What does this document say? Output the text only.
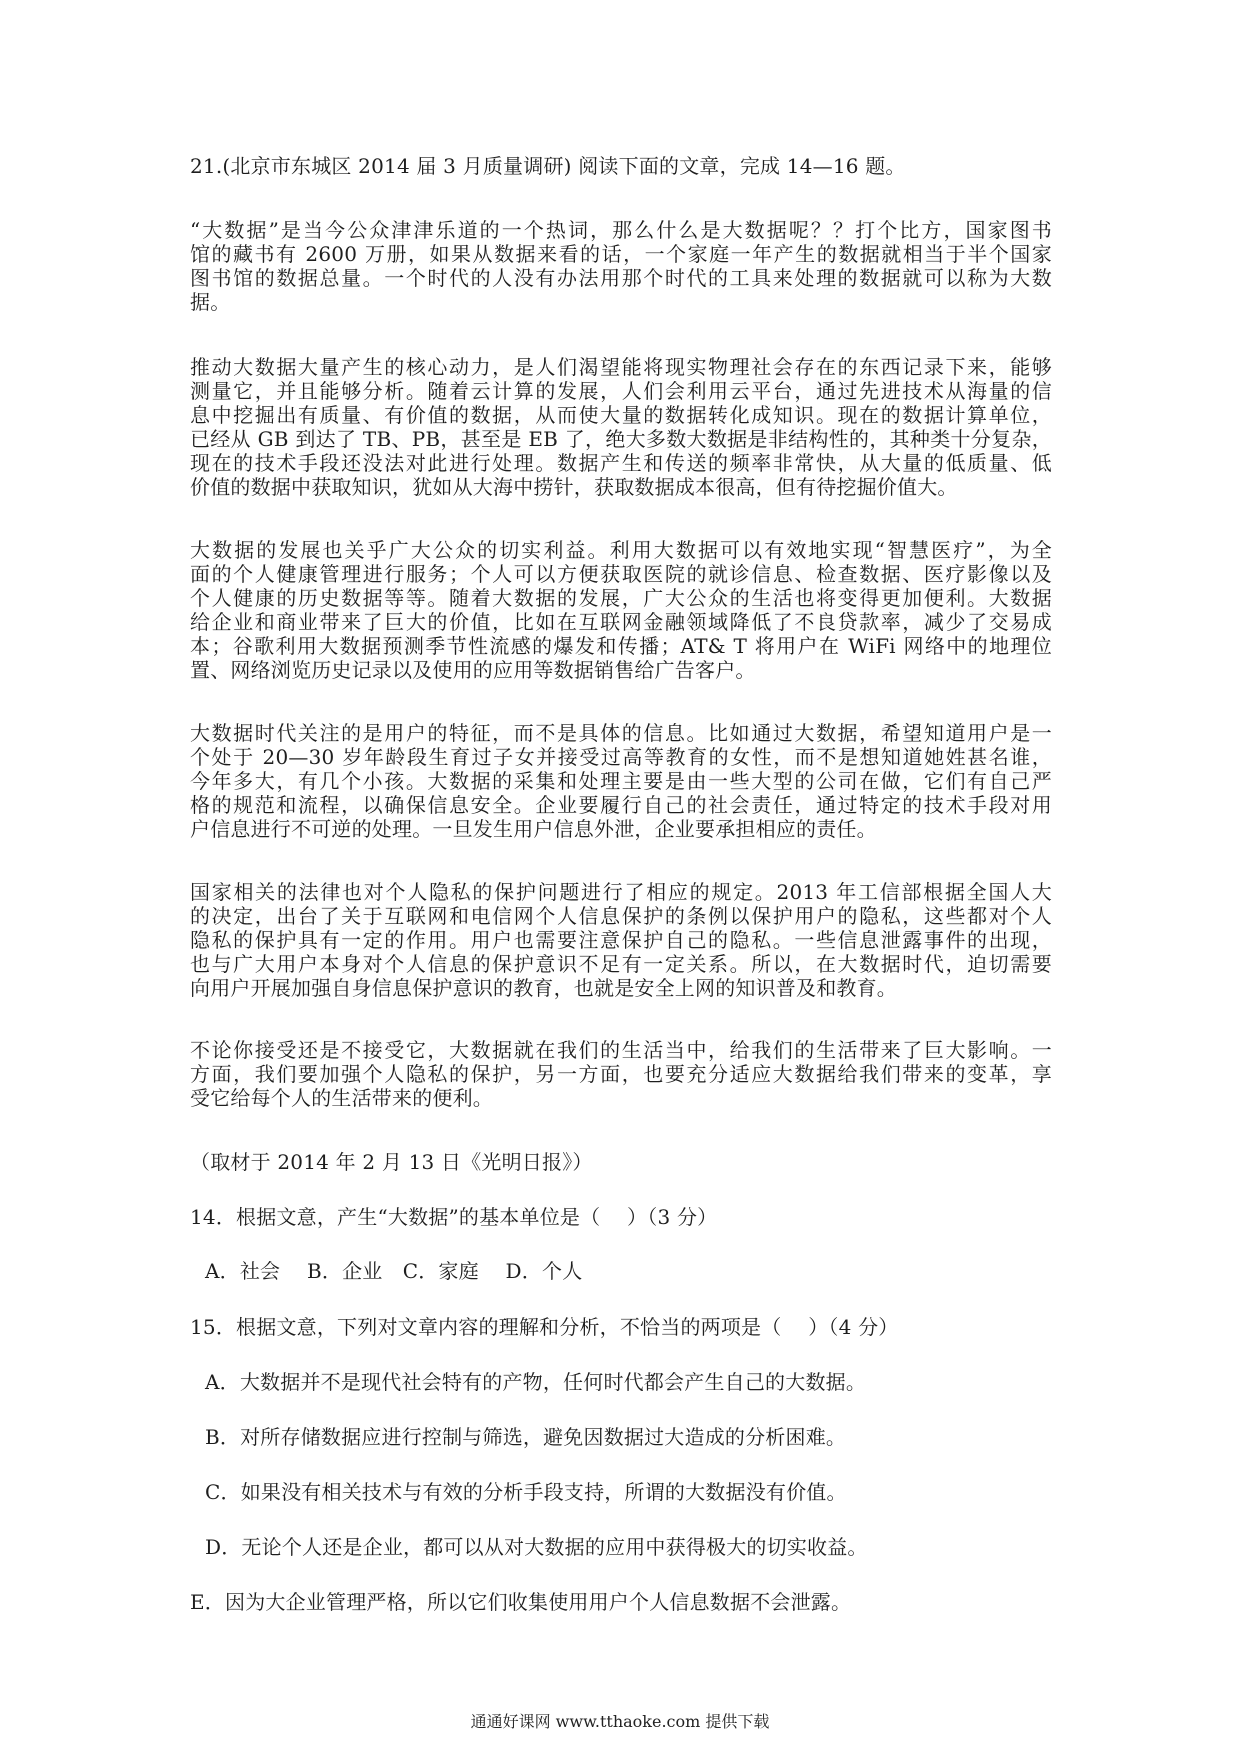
21.(北京市东城区 2014 届 3 月质量调研) 阅读下面的文章，完成 14—16 题。
“大数据”是当今公众津津乐道的一个热词，那么什么是大数据呢？？打个比方，国家图书
馆的藏书有 2600 万册，如果从数据来看的话，一个家庭一年产生的数据就相当于半个国家
图书馆的数据总量。一个时代的人没有办法用那个时代的工具来处理的数据就可以称为大数
据。
推动大数据大量产生的核心动力，是人们渴望能将现实物理社会存在的东西记录下来，能够
测量它，并且能够分析。随着云计算的发展，人们会利用云平台，通过先进技术从海量的信
息中挖掘出有质量、有价值的数据，从而使大量的数据转化成知识。现在的数据计算单位，
已经从 GB 到达了 TB、PB，甚至是 EB 了，绝大多数大数据是非结构性的，其种类十分复杂，
现在的技术手段还没法对此进行处理。数据产生和传送的频率非常快，从大量的低质量、低
价值的数据中获取知识，犹如从大海中捞针，获取数据成本很高，但有待挖掘价值大。
大数据的发展也关乎广大公众的切实利益。利用大数据可以有效地实现“智慧医疗”，为全
面的个人健康管理进行服务；个人可以方便获取医院的就诊信息、检查数据、医疗影像以及
个人健康的历史数据等等。随着大数据的发展，广大公众的生活也将变得更加便利。大数据
给企业和商业带来了巨大的价值，比如在互联网金融领域降低了不良贷款率，减少了交易成
本；谷歌利用大数据预测季节性流感的爆发和传播；AT& T 将用户在 WiFi 网络中的地理位
置、网络浏览历史记录以及使用的应用等数据销售给广告客户。
大数据时代关注的是用户的特征，而不是具体的信息。比如通过大数据，希望知道用户是一
个处于 20—30 岁年龄段生育过子女并接受过高等教育的女性，而不是想知道她姓甚名谁，
今年多大，有几个小孩。大数据的采集和处理主要是由一些大型的公司在做，它们有自己严
格的规范和流程，以确保信息安全。企业要履行自己的社会责任，通过特定的技术手段对用
户信息进行不可逆的处理。一旦发生用户信息外泄，企业要承担相应的责任。
国家相关的法律也对个人隐私的保护问题进行了相应的规定。2013 年工信部根据全国人大
的决定，出台了关于互联网和电信网个人信息保护的条例以保护用户的隐私，这些都对个人
隐私的保护具有一定的作用。用户也需要注意保护自己的隐私。一些信息泄露事件的出现，
也与广大用户本身对个人信息的保护意识不足有一定关系。所以，在大数据时代，迫切需要
向用户开展加强自身信息保护意识的教育，也就是安全上网的知识普及和教育。
不论你接受还是不接受它，大数据就在我们的生活当中，给我们的生活带来了巨大影响。一
方面，我们要加强个人隐私的保护，另一方面，也要充分适应大数据给我们带来的变革，享
受它给每个人的生活带来的便利。
（取材于 2014 年 2 月 13 日《光明日报》）
14．根据文意，产生“大数据”的基本单位是（　 ）（3 分）
A．社会　 B．企业　C．家庭　 D．个人
15．根据文意，下列对文章内容的理解和分析，不恰当的两项是（　 ）（4 分）
A．大数据并不是现代社会特有的产物，任何时代都会产生自己的大数据。
B．对所存储数据应进行控制与筛选，避免因数据过大造成的分析困难。
C．如果没有相关技术与有效的分析手段支持，所谓的大数据没有价值。
D．无论个人还是企业，都可以从对大数据的应用中获得极大的切实收益。
E．因为大企业管理严格，所以它们收集使用用户个人信息数据不会泄露。
通通好课网 www.tthaoke.com 提供下载
